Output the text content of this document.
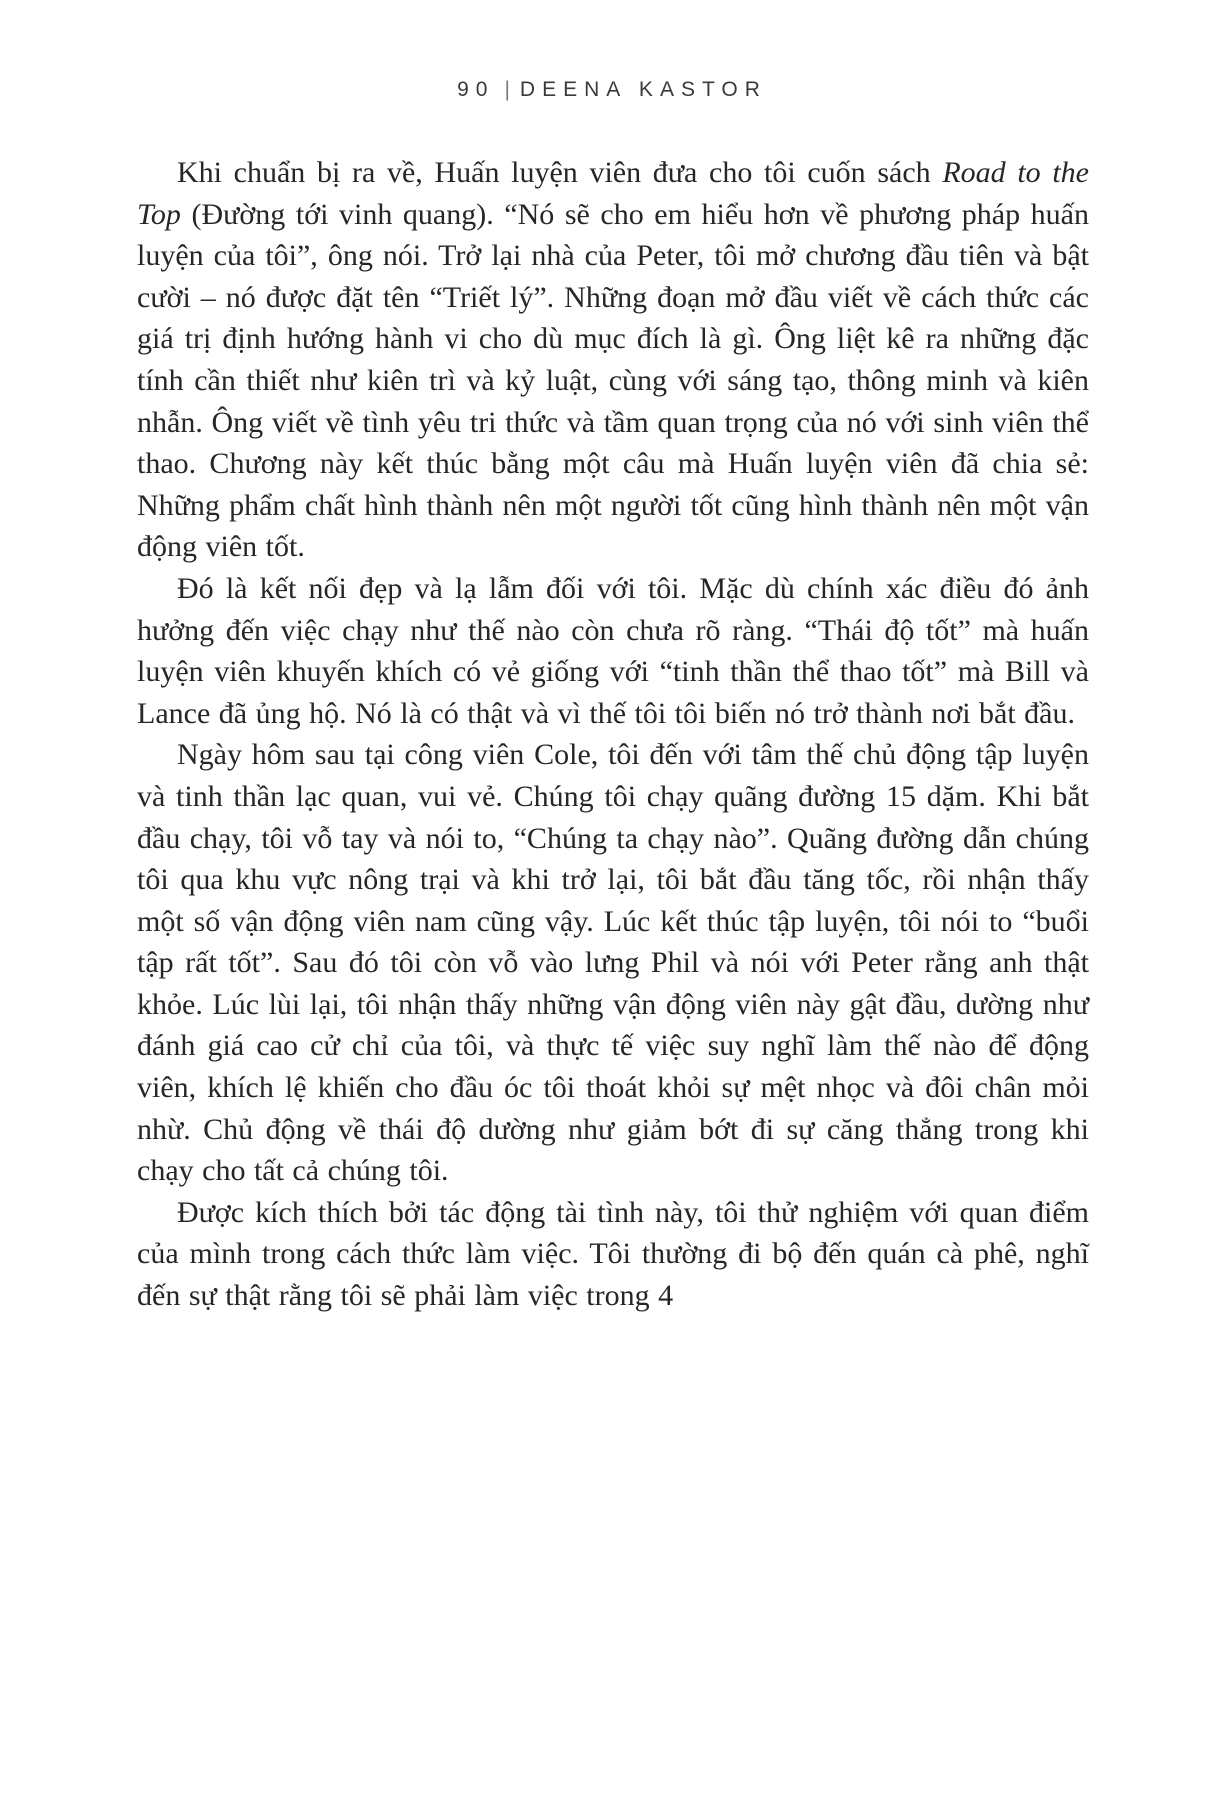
90 | DEENA KASTOR

Khi chuẩn bị ra về, Huấn luyện viên đưa cho tôi cuốn sách Road to the Top (Đường tới vinh quang). “Nó sẽ cho em hiểu hơn về phương pháp huấn luyện của tôi”, ông nói. Trở lại nhà của Peter, tôi mở chương đầu tiên và bật cười – nó được đặt tên “Triết lý”. Những đoạn mở đầu viết về cách thức các giá trị định hướng hành vi cho dù mục đích là gì. Ông liệt kê ra những đặc tính cần thiết như kiên trì và kỷ luật, cùng với sáng tạo, thông minh và kiên nhẫn. Ông viết về tình yêu tri thức và tầm quan trọng của nó với sinh viên thể thao. Chương này kết thúc bằng một câu mà Huấn luyện viên đã chia sẻ: Những phẩm chất hình thành nên một người tốt cũng hình thành nên một vận động viên tốt.

Đó là kết nối đẹp và lạ lẫm đối với tôi. Mặc dù chính xác điều đó ảnh hưởng đến việc chạy như thế nào còn chưa rõ ràng. “Thái độ tốt” mà huấn luyện viên khuyến khích có vẻ giống với “tinh thần thể thao tốt” mà Bill và Lance đã ủng hộ. Nó là có thật và vì thế tôi tôi biến nó trở thành nơi bắt đầu.

Ngày hôm sau tại công viên Cole, tôi đến với tâm thế chủ động tập luyện và tinh thần lạc quan, vui vẻ. Chúng tôi chạy quãng đường 15 dặm. Khi bắt đầu chạy, tôi vỗ tay và nói to, “Chúng ta chạy nào”. Quãng đường dẫn chúng tôi qua khu vực nông trại và khi trở lại, tôi bắt đầu tăng tốc, rồi nhận thấy một số vận động viên nam cũng vậy. Lúc kết thúc tập luyện, tôi nói to “buổi tập rất tốt”. Sau đó tôi còn vỗ vào lưng Phil và nói với Peter rằng anh thật khỏe. Lúc lùi lại, tôi nhận thấy những vận động viên này gật đầu, dường như đánh giá cao cử chỉ của tôi, và thực tế việc suy nghĩ làm thế nào để động viên, khích lệ khiến cho đầu óc tôi thoát khỏi sự mệt nhọc và đôi chân mỏi nhừ. Chủ động về thái độ dường như giảm bớt đi sự căng thẳng trong khi chạy cho tất cả chúng tôi.

Được kích thích bởi tác động tài tình này, tôi thử nghiệm với quan điểm của mình trong cách thức làm việc. Tôi thường đi bộ đến quán cà phê, nghĩ đến sự thật rằng tôi sẽ phải làm việc trong 4
